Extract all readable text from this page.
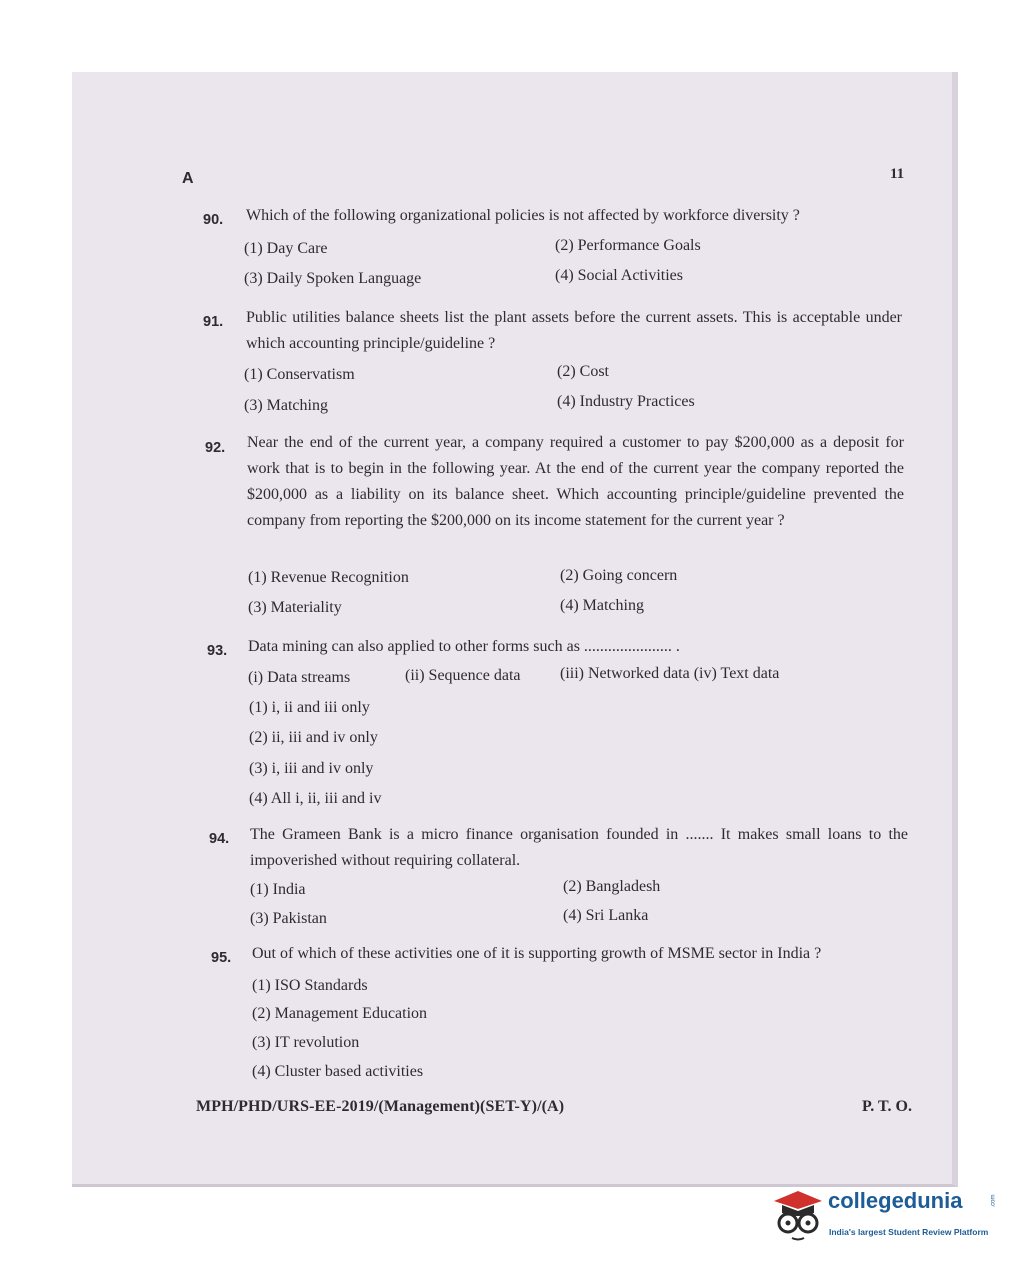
A	11
90. Which of the following organizational policies is not affected by workforce diversity ?
(1) Day Care	(2) Performance Goals
(3) Daily Spoken Language	(4) Social Activities
91. Public utilities balance sheets list the plant assets before the current assets. This is acceptable under which accounting principle/guideline ?
(1) Conservatism	(2) Cost
(3) Matching	(4) Industry Practices
92. Near the end of the current year, a company required a customer to pay $200,000 as a deposit for work that is to begin in the following year. At the end of the current year the company reported the $200,000 as a liability on its balance sheet. Which accounting principle/guideline prevented the company from reporting the $200,000 on its income statement for the current year ?
(1) Revenue Recognition	(2) Going concern
(3) Materiality	(4) Matching
93. Data mining can also applied to other forms such as ...................... .
(i) Data streams	(ii) Sequence data (iii) Networked data (iv) Text data
(1) i, ii and iii only
(2) ii, iii and iv only
(3) i, iii and iv only
(4) All i, ii, iii and iv
94. The Grameen Bank is a micro finance organisation founded in ....... It makes small loans to the impoverished without requiring collateral.
(1) India	(2) Bangladesh
(3) Pakistan	(4) Sri Lanka
95. Out of which of these activities one of it is supporting growth of MSME sector in India ?
(1) ISO Standards
(2) Management Education
(3) IT revolution
(4) Cluster based activities
MPH/PHD/URS-EE-2019/(Management)(SET-Y)/(A)	P. T. O.
collegedunia	.com
India's largest Student Review Platform
